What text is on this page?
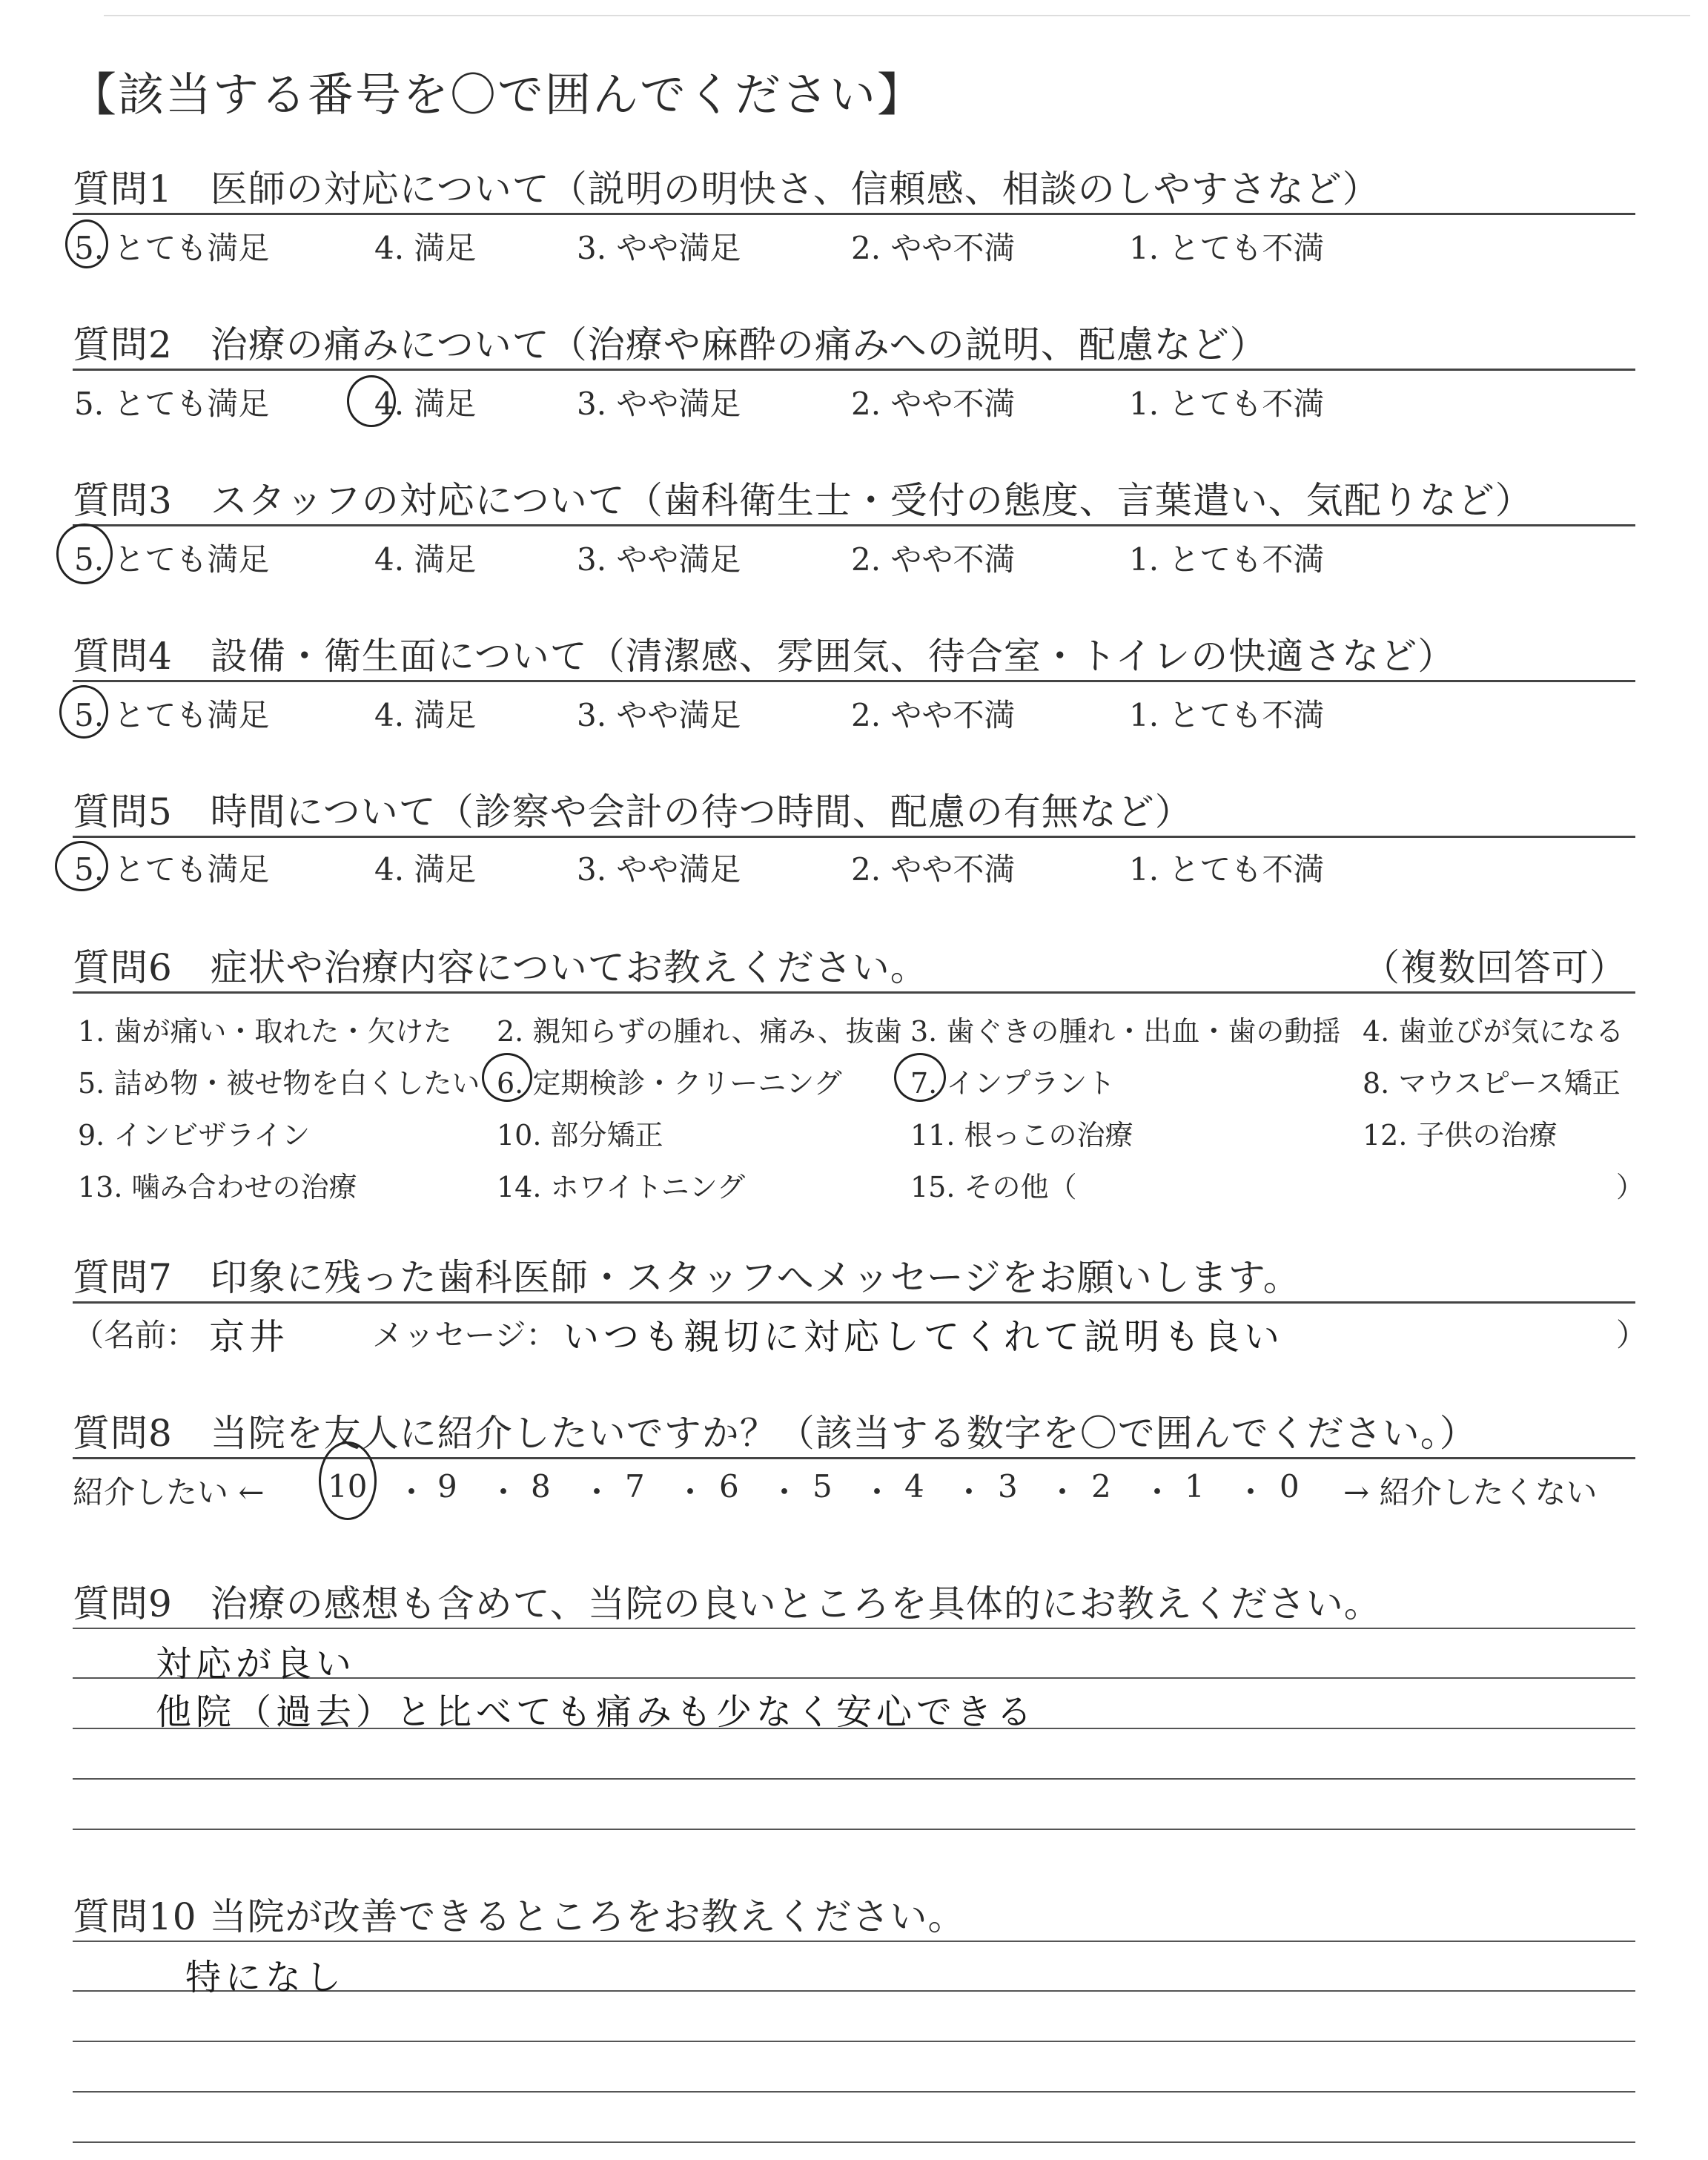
【該当する番号を〇で囲んでください】
質問1　医師の対応について（説明の明快さ、信頼感、相談のしやすさなど）
5. とても満足	4. 満足	3. やや満足	2. やや不満	1. とても不満
質問2　治療の痛みについて（治療や麻酔の痛みへの説明、配慮など）
5. とても満足	4. 満足	3. やや満足	2. やや不満	1. とても不満
質問3　スタッフの対応について（歯科衛生士・受付の態度、言葉遣い、気配りなど）
5. とても満足	4. 満足	3. やや満足	2. やや不満	1. とても不満
質問4　設備・衛生面について（清潔感、雰囲気、待合室・トイレの快適さなど）
5. とても満足	4. 満足	3. やや満足	2. やや不満	1. とても不満
質問5　時間について（診察や会計の待つ時間、配慮の有無など）
5. とても満足	4. 満足	3. やや満足	2. やや不満	1. とても不満
質問6　症状や治療内容についてお教えください。	（複数回答可）
1. 歯が痛い・取れた・欠けた 2. 親知らずの腫れ、痛み、抜歯 3. 歯ぐきの腫れ・出血・歯の動揺 4. 歯並びが気になる
5. 詰め物・被せ物を白くしたい 6. 定期検診・クリーニング 7. インプラント	8. マウスピース矯正
9. インビザライン	10. 部分矯正	11. 根っこの治療	12. 子供の治療
13. 噛み合わせの治療	14. ホワイトニング	15. その他（	）
質問7　印象に残った歯科医師・スタッフへメッセージをお願いします。
（名前： 京井	メッセージ： いつも親切に対応してくれて説明も良い	）
質問8　当院を友人に紹介したいですか？（該当する数字を〇で囲んでください。）
紹介したい ← 10 ・ 9 ・ 8 ・ 7 ・ 6 ・ 5 ・ 4 ・ 3 ・ 2 ・ 1 ・ 0 → 紹介したくない
質問9　治療の感想も含めて、当院の良いところを具体的にお教えください。
対応が良い
他院（過去）と比べても痛みも少なく安心できる
質問10 当院が改善できるところをお教えください。
特になし
